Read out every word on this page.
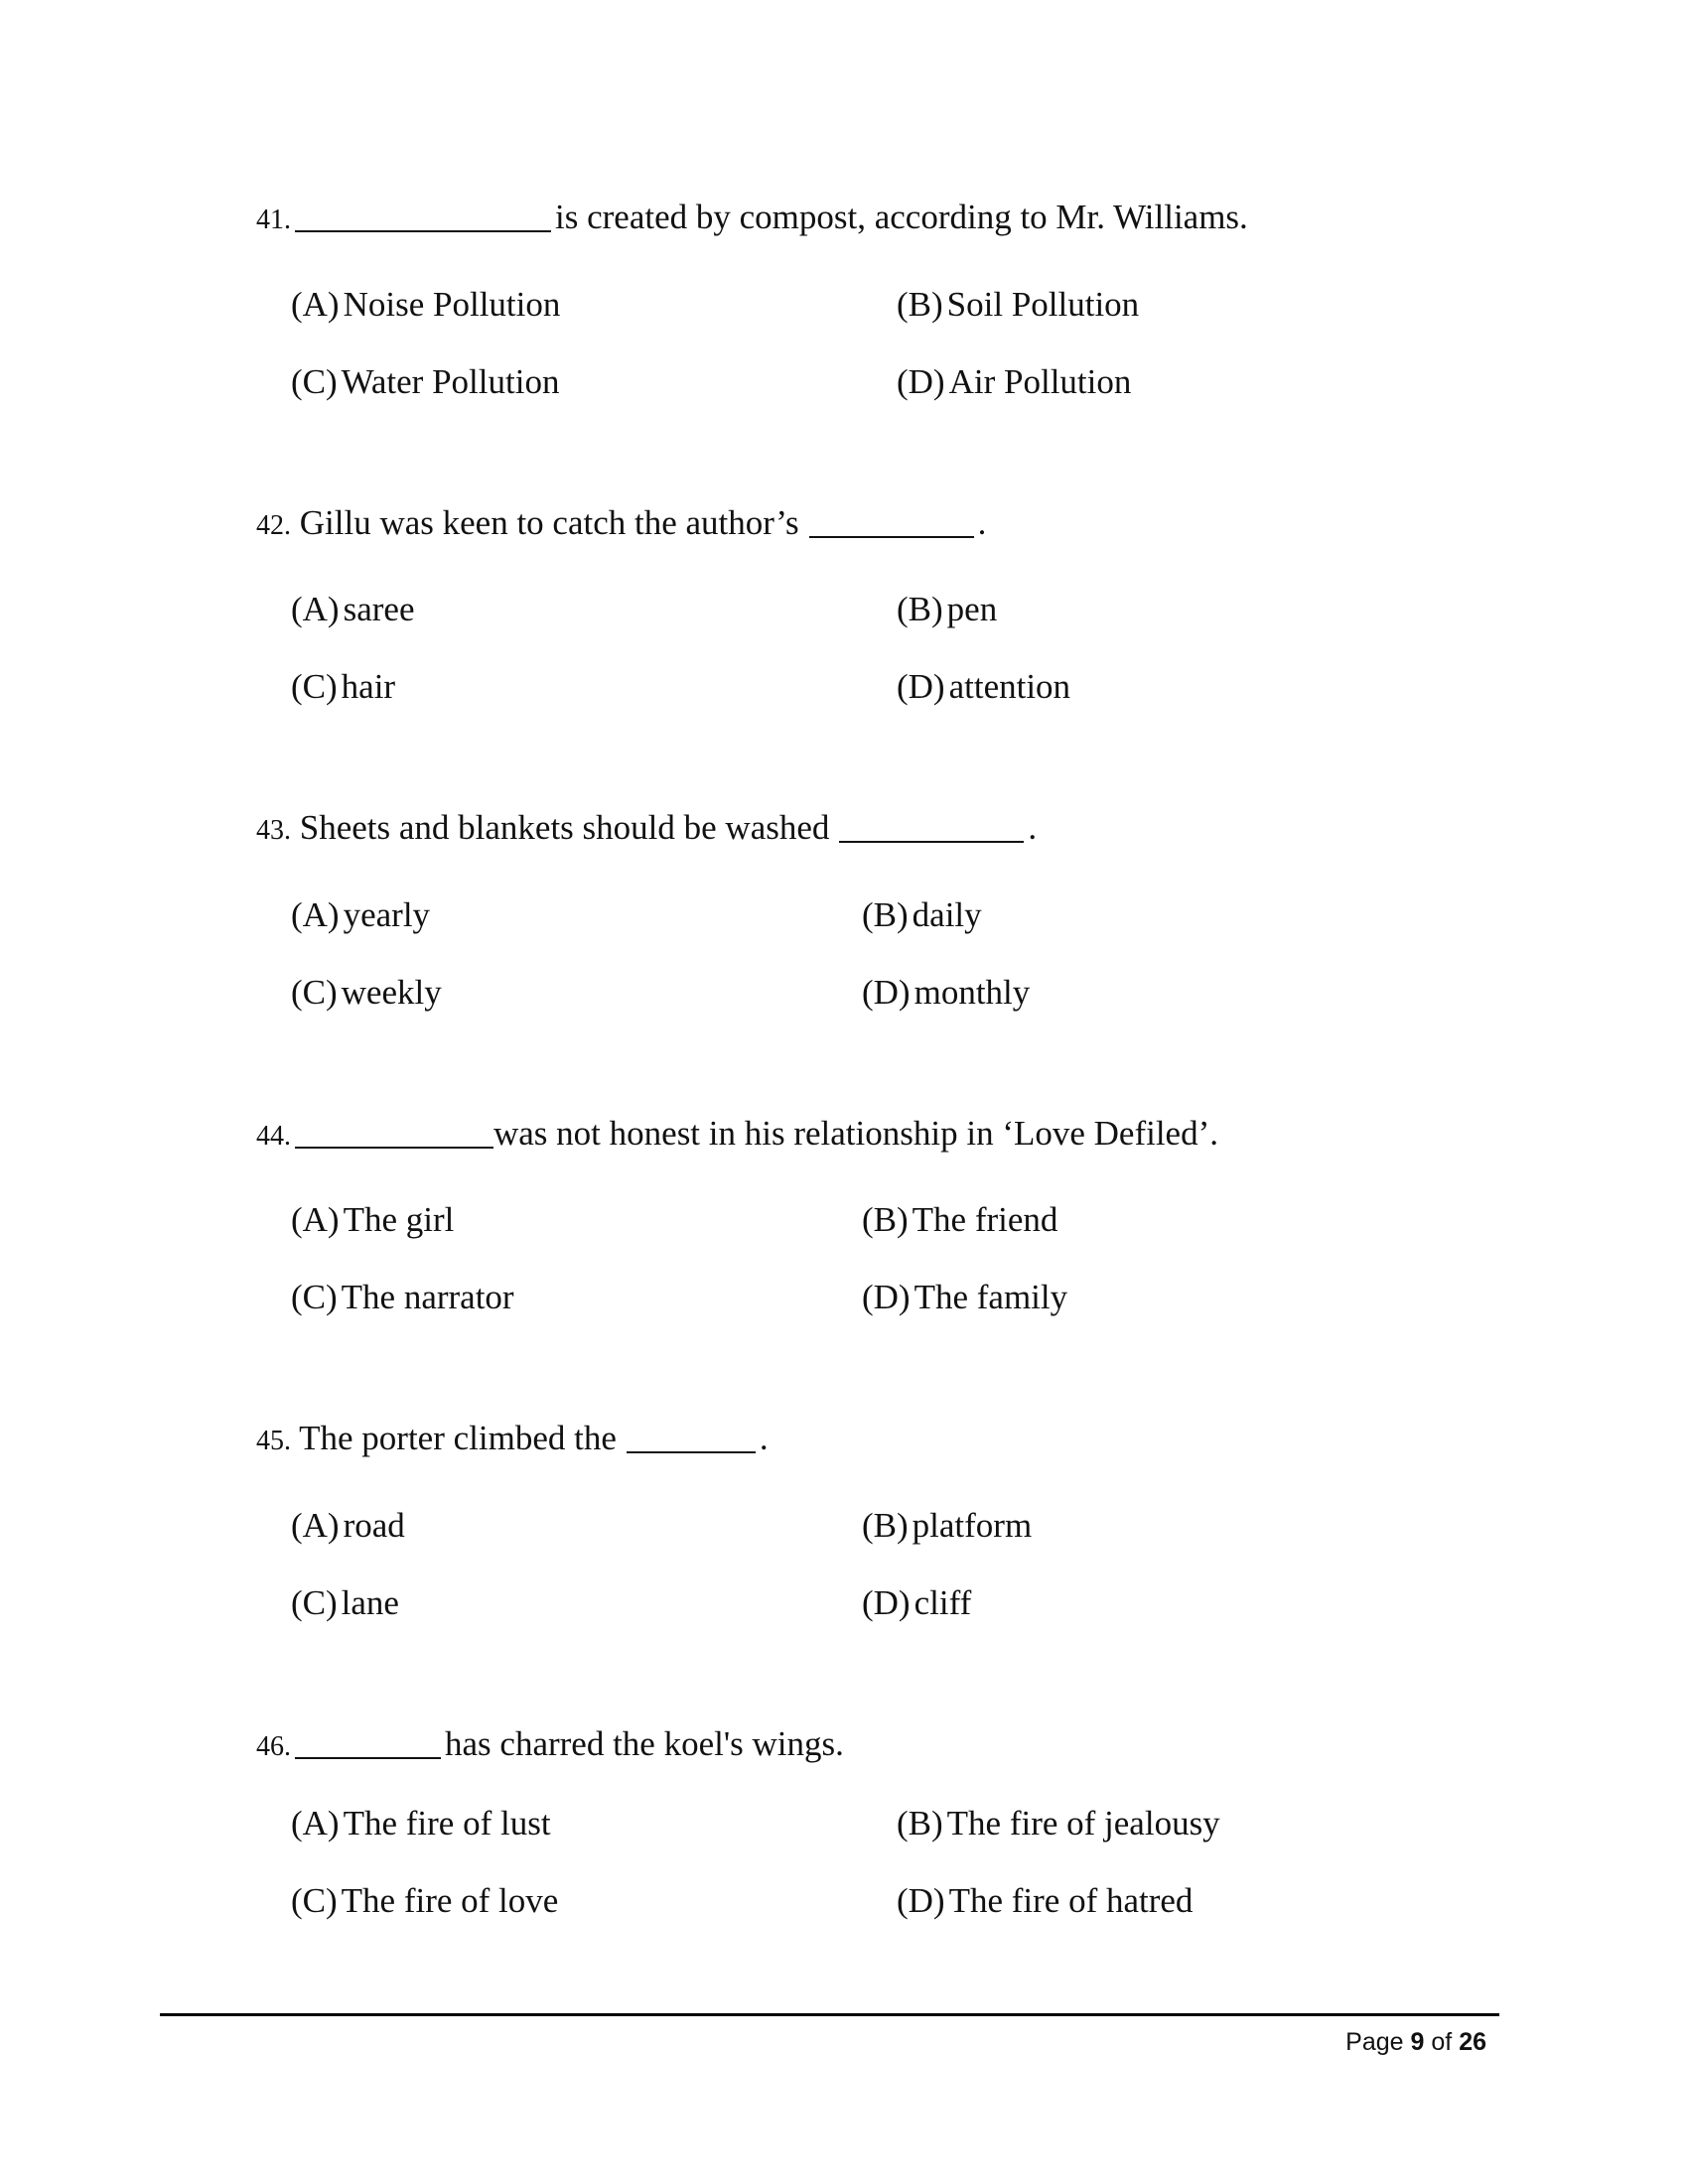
41.	is created by compost, according to Mr. Williams.
(A) Noise Pollution	(B) Soil Pollution
(C) Water Pollution	(D) Air Pollution
42. Gillu was keen to catch the author’s	.
(A) saree	(B) pen
(C) hair	(D) attention
43. Sheets and blankets should be washed	.
(A) yearly	(B) daily
(C) weekly	(D) monthly
44.	was not honest in his relationship in ‘Love Defiled’.
(A) The girl	(B) The friend
(C) The narrator	(D) The family
45. The porter climbed the	.
(A) road	(B) platform
(C) lane	(D) cliff
46.	has charred the koel's wings.
(A) The fire of lust	(B) The fire of jealousy
(C) The fire of love	(D) The fire of hatred
Page 9 of 26
